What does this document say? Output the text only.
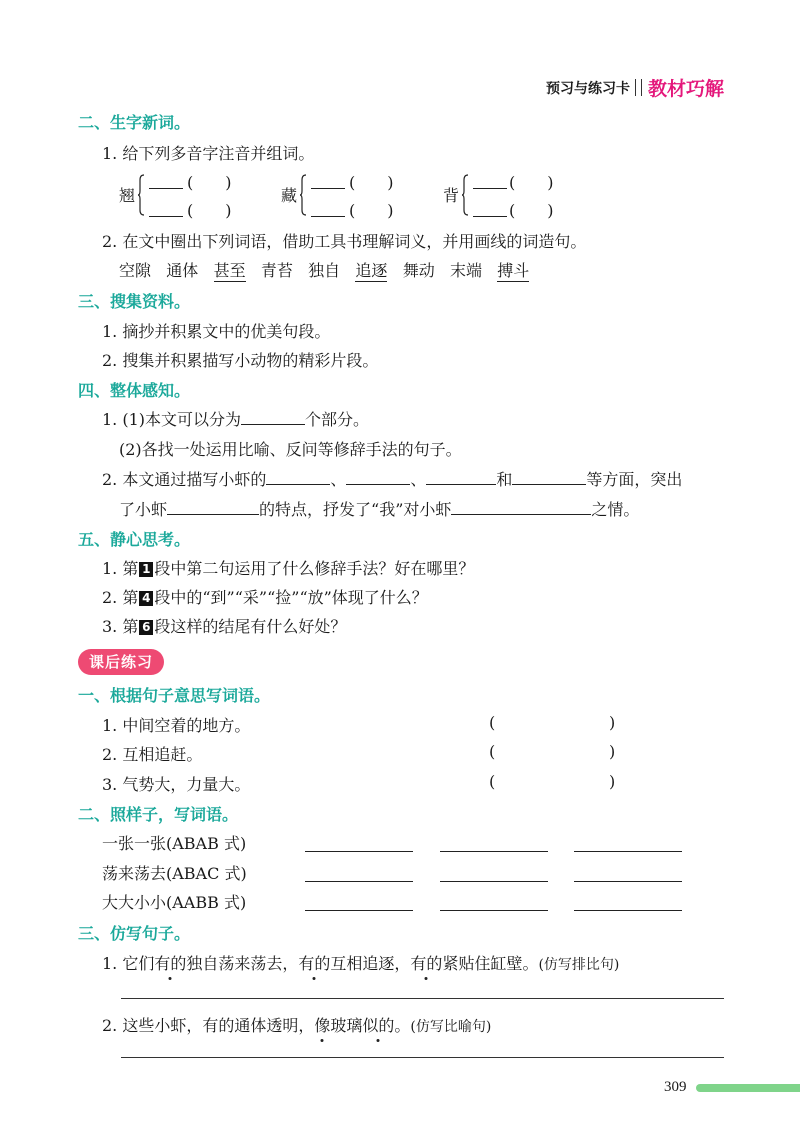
预习与练习卡 教材巧解
二、生字新词。
1. 给下列多音字注音并组词。
翘
(　　)
(　　)
藏
(　　)
(　　)
背
(　　)
(　　)
2. 在文中圈出下列词语，借助工具书理解词义，并用画线的词造句。
空隙 通体 甚至 青苔 独自 追逐 舞动 末端 搏斗
三、搜集资料。
1. 摘抄并积累文中的优美句段。
2. 搜集并积累描写小动物的精彩片段。
四、整体感知。
1. (1)本文可以分为	个部分。
(2)各找一处运用比喻、反问等修辞手法的句子。
2. 本文通过描写小虾的	、	、	和	等方面，突出
了小虾	的特点，抒发了“我”对小虾	之情。
五、静心思考。
1. 第 1 段中第二句运用了什么修辞手法？好在哪里？
2. 第 4 段中的“到”“采”“捡”“放”体现了什么？
3. 第 6 段这样的结尾有什么好处？
课后练习
一、根据句子意思写词语。
1. 中间空着的地方。	(	)
2. 互相追赶。	(	)
3. 气势大，力量大。	(	)
二、照样子，写词语。
一张一张(ABAB 式)
荡来荡去(ABAC 式)
大大小小(AABB 式)
三、仿写句子。
1. 它们有的独自荡来荡去，有的互相追逐，有的紧贴住缸壁。(仿写排比句)
2. 这些小虾，有的通体透明，像玻璃似的。(仿写比喻句)
309
